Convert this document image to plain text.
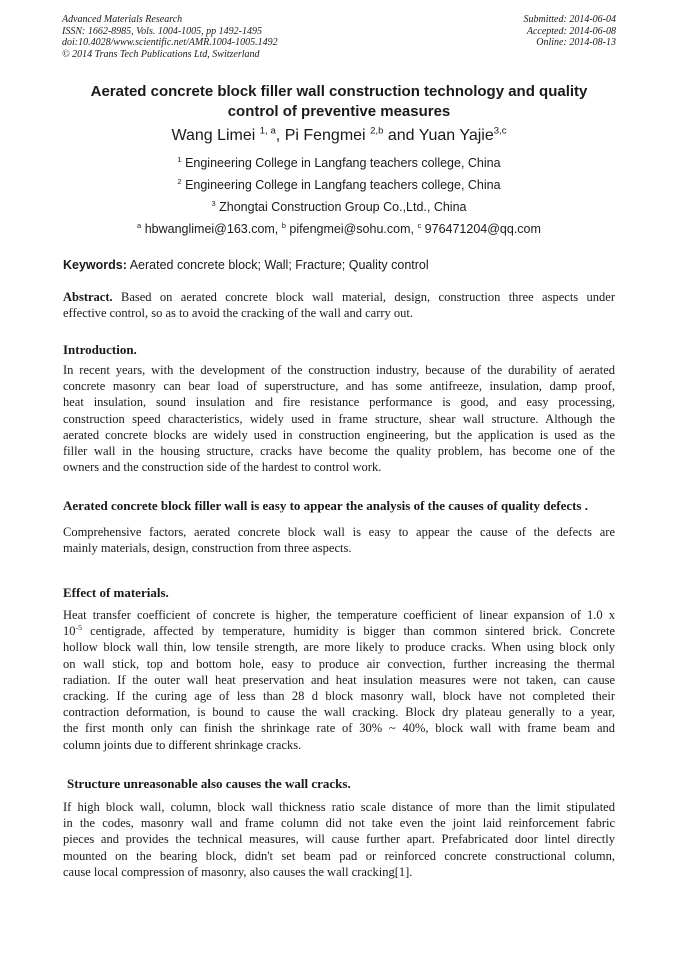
Advanced Materials Research
ISSN: 1662-8985, Vols. 1004-1005, pp 1492-1495
doi:10.4028/www.scientific.net/AMR.1004-1005.1492
© 2014 Trans Tech Publications Ltd, Switzerland
Submitted: 2014-06-04
Accepted: 2014-06-08
Online: 2014-08-13
Aerated concrete block filler wall construction technology and quality
control of preventive measures
Wang Limei $^{1, a}$, Pi Fengmei $^{2,b}$ and Yuan Yajie$^{3,c}$
$^1$ Engineering College in Langfang teachers college, China
$^2$ Engineering College in Langfang teachers college, China
$^3$ Zhongtai Construction Group Co.,Ltd., China
$^a$ hbwanglimei@163.com, $^b$ pifengmei@sohu.com, $^c$ 976471204@qq.com
Keywords: Aerated concrete block; Wall; Fracture; Quality control
Abstract. Based on aerated concrete block wall material, design, construction three aspects under
effective control, so as to avoid the cracking of the wall and carry out.
Introduction.
In recent years, with the development of the construction industry, because of the durability of aerated
concrete masonry can bear load of superstructure, and has some antifreeze, insulation, damp proof,
heat insulation, sound insulation and fire resistance performance is good, and easy processing,
construction speed characteristics, widely used in frame structure, shear wall structure. Although the
aerated concrete blocks are widely used in construction engineering, but the application is used as the
filler wall in the housing structure, cracks have become the quality problem, has become one of the
owners and the construction side of the hardest to control work.
Aerated concrete block filler wall is easy to appear the analysis of the causes of quality defects .
Comprehensive factors, aerated concrete block wall is easy to appear the cause of the defects are
mainly materials, design, construction from three aspects.
Effect of materials.
Heat transfer coefficient of concrete is higher, the temperature coefficient of linear expansion of 1.0 x
$10^{-5}$ centigrade, affected by temperature, humidity is bigger than common sintered brick. Concrete
hollow block wall thin, low tensile strength, are more likely to produce cracks. When using block only
on wall stick, top and bottom hole, easy to produce air convection, further increasing the thermal
radiation. If the outer wall heat preservation and heat insulation measures were not taken, can cause
cracking. If the curing age of less than 28 d block masonry wall, block have not completed their
contraction deformation, is bound to cause the wall cracking. Block dry plateau generally to a year,
the first month only can finish the shrinkage rate of 30% ~ 40%, block wall with frame beam and
column joints due to different shrinkage cracks.
Structure unreasonable also causes the wall cracks.
If high block wall, column, block wall thickness ratio scale distance of more than the limit stipulated
in the codes, masonry wall and frame column did not take even the joint laid reinforcement fabric
pieces and provides the technical measures, will cause further apart. Prefabricated door lintel directly
mounted on the bearing block, didn't set beam pad or reinforced concrete constructional column,
cause local compression of masonry, also causes the wall cracking[1].
